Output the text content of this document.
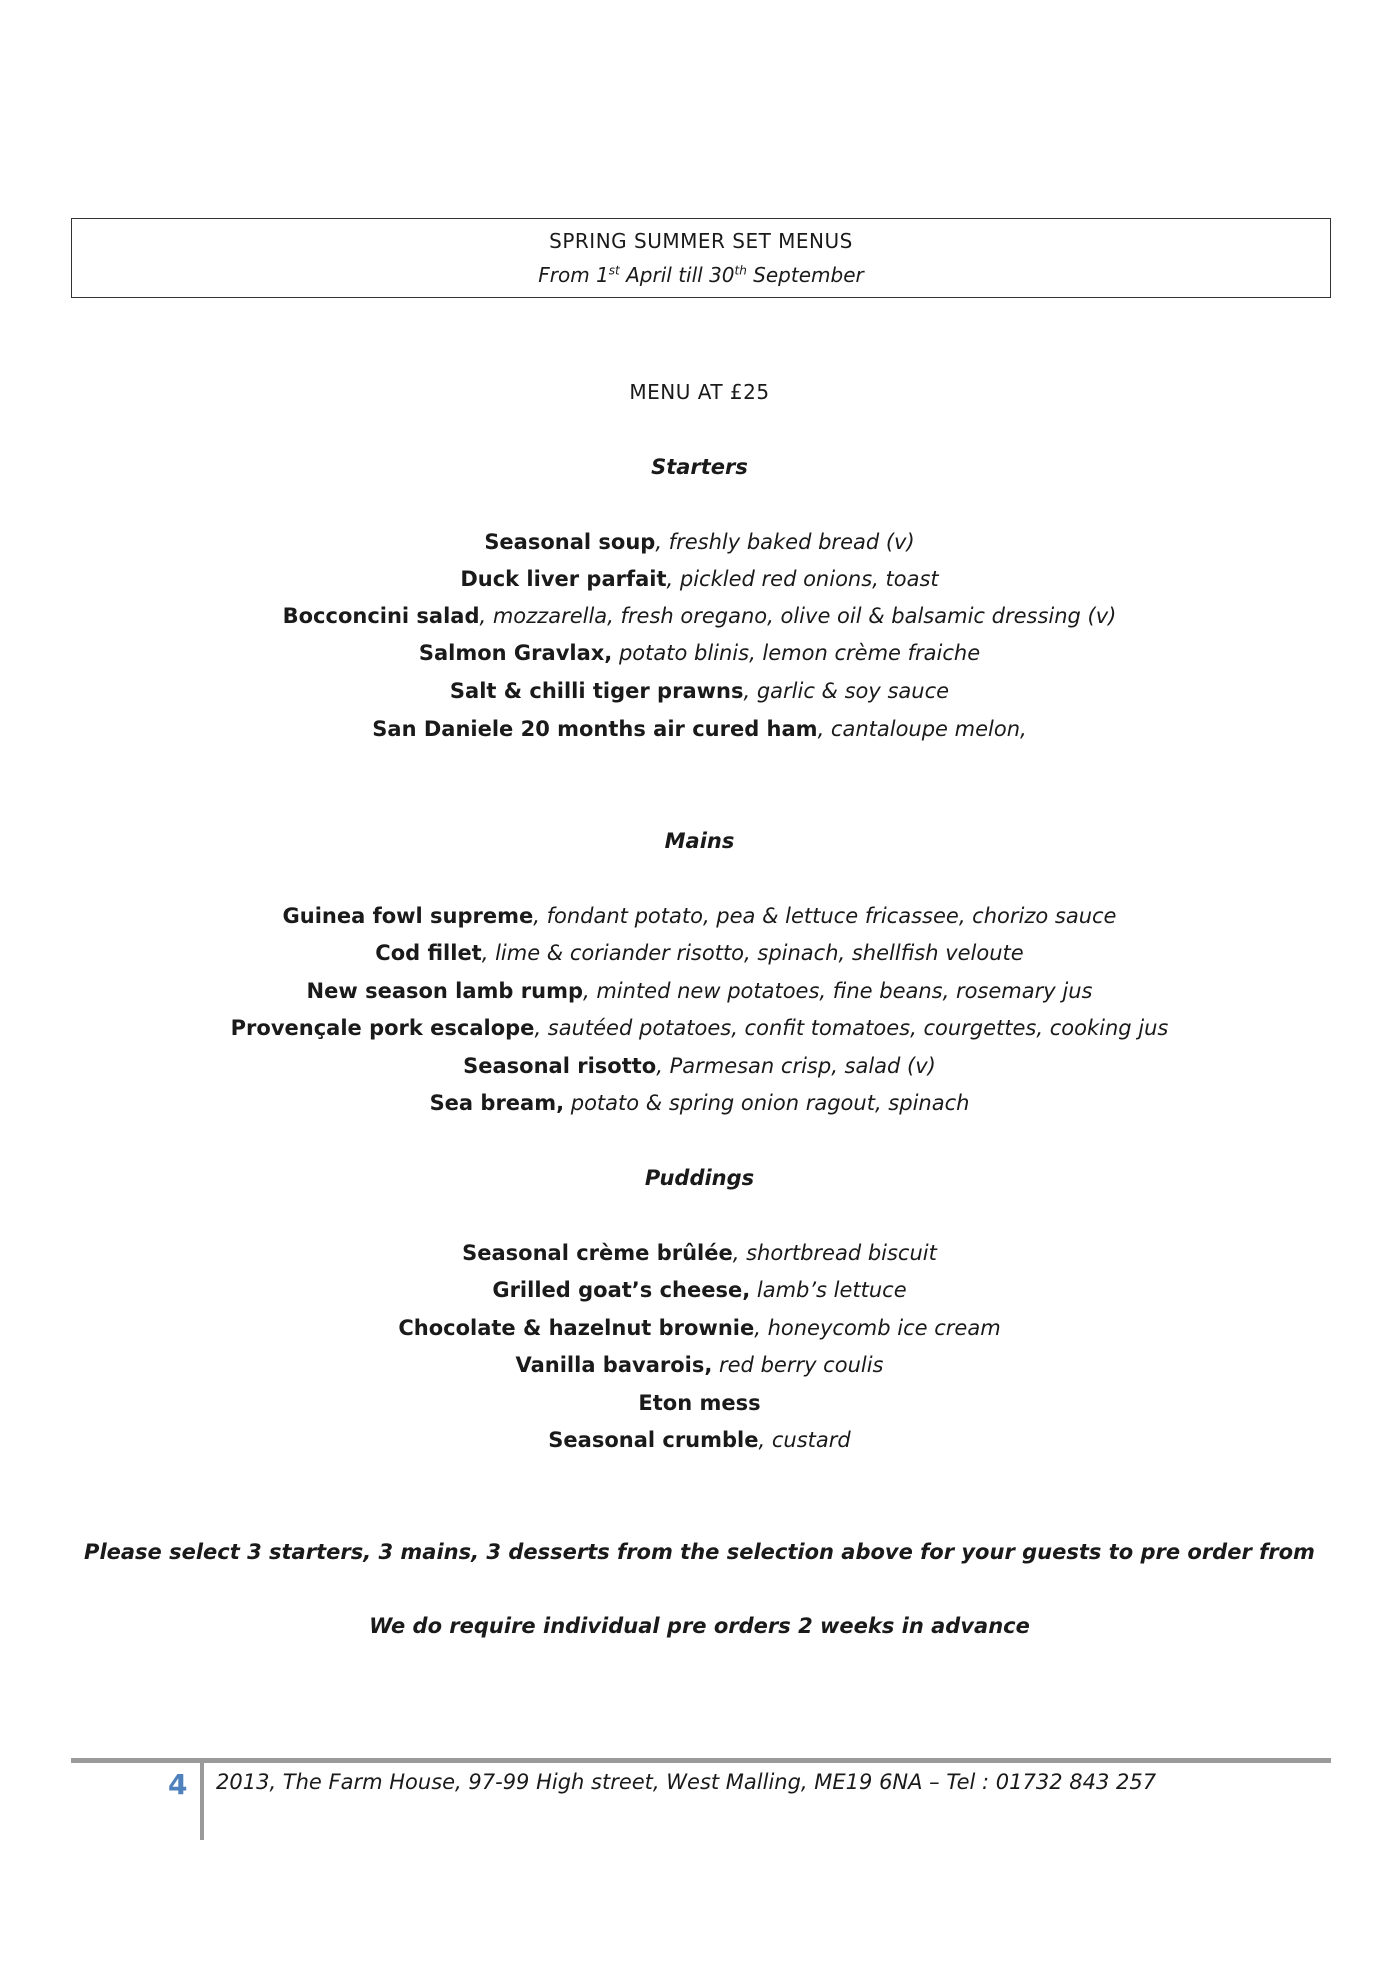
SPRING SUMMER SET MENUS
From 1st April till 30th September
MENU AT £25
Starters
Seasonal soup, freshly baked bread (v)
Duck liver parfait, pickled red onions, toast
Bocconcini salad, mozzarella, fresh oregano, olive oil & balsamic dressing (v)
Salmon Gravlax, potato blinis, lemon crème fraiche
Salt & chilli tiger prawns, garlic & soy sauce
San Daniele 20 months air cured ham, cantaloupe melon,
Mains
Guinea fowl supreme, fondant potato, pea & lettuce fricassee, chorizo sauce
Cod fillet, lime & coriander risotto, spinach, shellfish veloute
New season lamb rump, minted new potatoes, fine beans, rosemary jus
Provençale pork escalope, sautéed potatoes, confit tomatoes, courgettes, cooking jus
Seasonal risotto, Parmesan crisp, salad (v)
Sea bream, potato & spring onion ragout, spinach
Puddings
Seasonal crème brûlée, shortbread biscuit
Grilled goat’s cheese, lamb’s lettuce
Chocolate & hazelnut brownie, honeycomb ice cream
Vanilla bavarois, red berry coulis
Eton mess
Seasonal crumble, custard
Please select 3 starters, 3 mains, 3 desserts from the selection above for your guests to pre order from
We do require individual pre orders 2 weeks in advance
4 2013, The Farm House, 97-99 High street, West Malling, ME19 6NA – Tel : 01732 843 257
